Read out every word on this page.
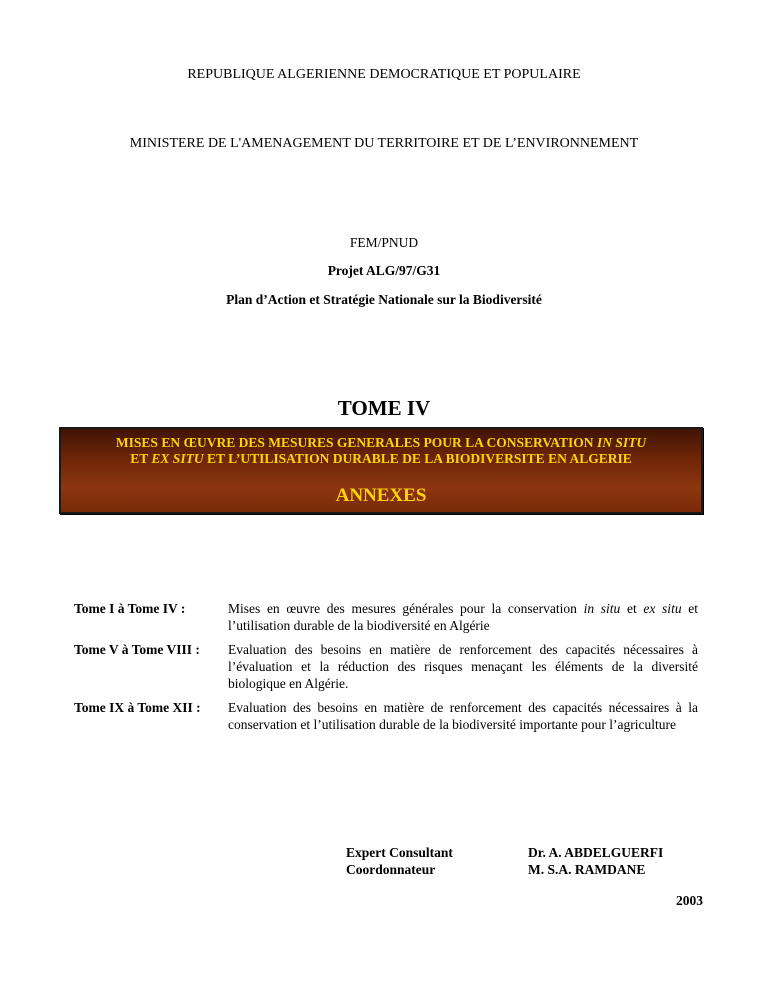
REPUBLIQUE ALGERIENNE DEMOCRATIQUE ET POPULAIRE
MINISTERE DE L'AMENAGEMENT DU TERRITOIRE ET DE L’ENVIRONNEMENT
FEM/PNUD
Projet ALG/97/G31
Plan d’Action et Stratégie Nationale sur la Biodiversité
TOME IV
MISES EN ŒUVRE DES MESURES GENERALES POUR LA CONSERVATION IN SITU
ET EX SITU ET L’UTILISATION DURABLE DE LA BIODIVERSITE EN ALGERIE
ANNEXES
Tome I à Tome IV :	Mises en œuvre des mesures générales pour la conservation in situ et ex situ et l’utilisation durable de la biodiversité en Algérie
Tome V à Tome VIII : Evaluation des besoins en matière de renforcement des capacités nécessaires à l’évaluation et la réduction des risques menaçant les éléments de la diversité biologique en Algérie.
Tome IX à Tome XII : Evaluation des besoins en matière de renforcement des capacités nécessaires à la conservation et l’utilisation durable de la biodiversité importante pour l’agriculture
Expert Consultant
Coordonnateur
Dr. A. ABDELGUERFI
M. S.A. RAMDANE
2003
